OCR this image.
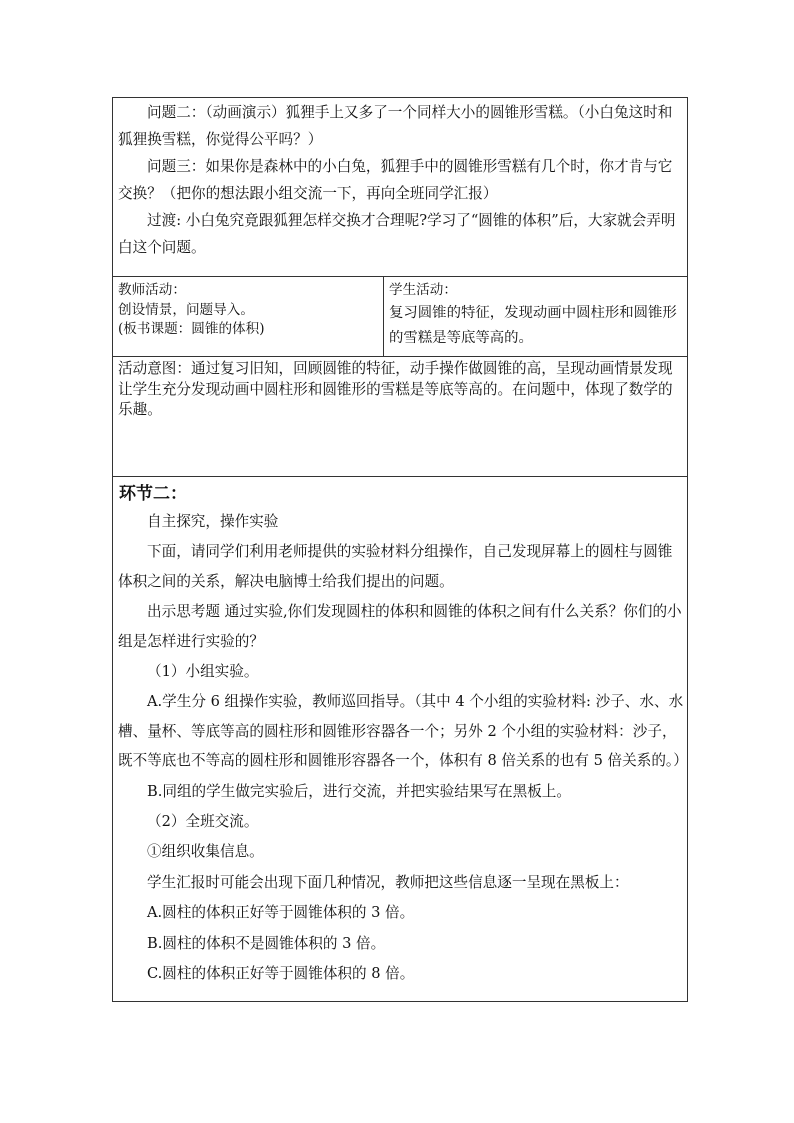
问题二：（动画演示）狐狸手上又多了一个同样大小的圆锥形雪糕。（小白兔这时和狐狸换雪糕，你觉得公平吗？）

问题三：如果你是森林中的小白兔，狐狸手中的圆锥形雪糕有几个时，你才肯与它交换？（把你的想法跟小组交流一下，再向全班同学汇报）

过渡: 小白兔究竟跟狐狸怎样交换才合理呢?学习了“圆锥的体积”后，大家就会弄明白这个问题。

教师活动：

创设情景，问题导入。

(板书课题：圆锥的体积)

学生活动：

复习圆锥的特征，发现动画中圆柱形和圆锥形的雪糕是等底等高的。

活动意图：通过复习旧知，回顾圆锥的特征，动手操作做圆锥的高，呈现动画情景发现让学生充分发现动画中圆柱形和圆锥形的雪糕是等底等高的。在问题中，体现了数学的乐趣。

环节二：

自主探究，操作实验

下面，请同学们利用老师提供的实验材料分组操作，自己发现屏幕上的圆柱与圆锥体积之间的关系，解决电脑博士给我们提出的问题。

出示思考题 通过实验,你们发现圆柱的体积和圆锥的体积之间有什么关系？你们的小组是怎样进行实验的？

（1）小组实验。

A.学生分 6 组操作实验，教师巡回指导。（其中 4 个小组的实验材料: 沙子、水、水槽、量杯、等底等高的圆柱形和圆锥形容器各一个；另外 2 个小组的实验材料：沙子，既不等底也不等高的圆柱形和圆锥形容器各一个，体积有 8 倍关系的也有 5 倍关系的。）

B.同组的学生做完实验后，进行交流，并把实验结果写在黑板上。

（2）全班交流。

①组织收集信息。

学生汇报时可能会出现下面几种情况，教师把这些信息逐一呈现在黑板上：

A.圆柱的体积正好等于圆锥体积的 3 倍。

B.圆柱的体积不是圆锥体积的 3 倍。

C.圆柱的体积正好等于圆锥体积的 8 倍。
